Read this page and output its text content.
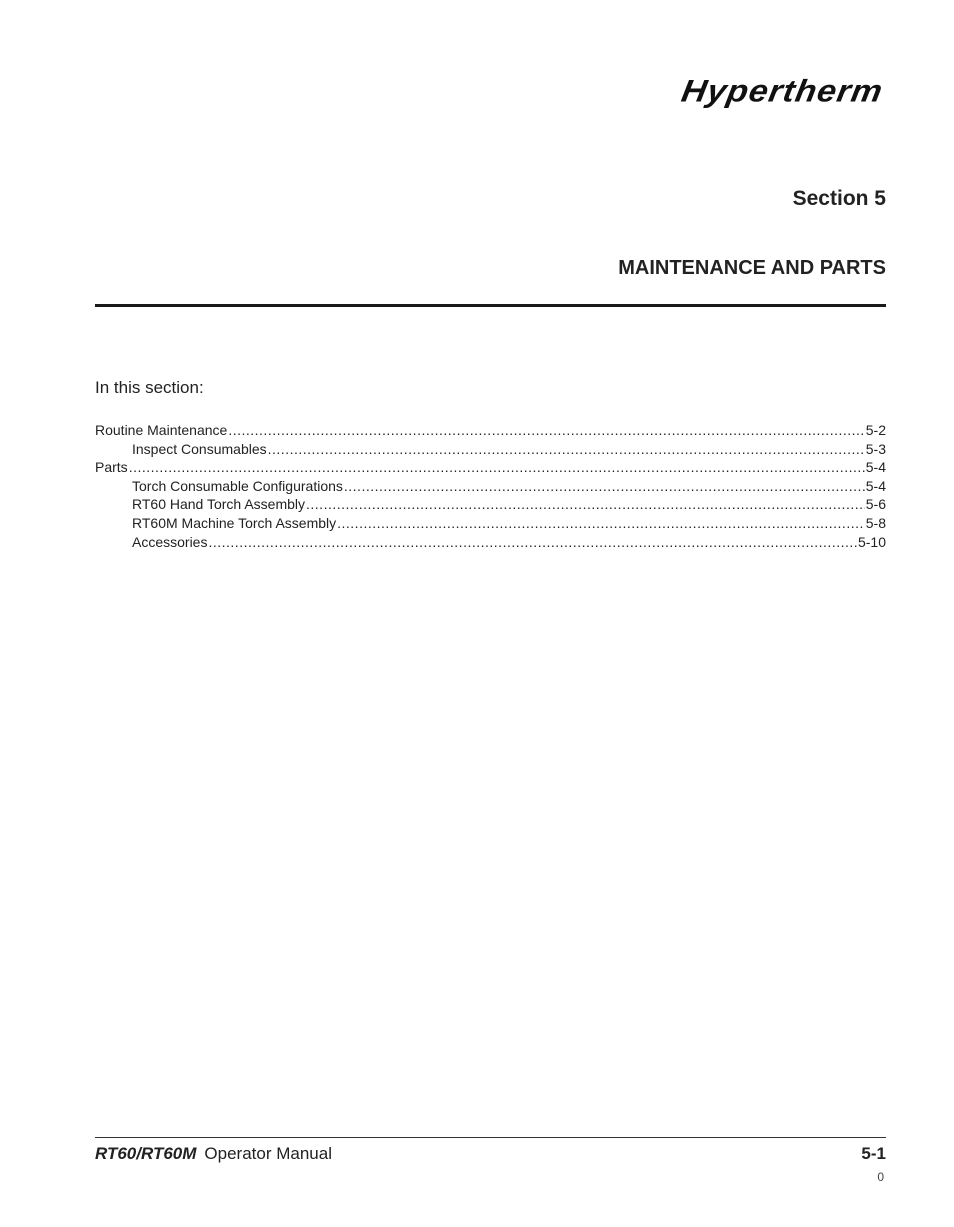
Hypertherm
Section 5
MAINTENANCE AND PARTS
In this section:
Routine Maintenance .....	5-2
Inspect Consumables .....	5-3
Parts .....	5-4
Torch Consumable Configurations .....	5-4
RT60 Hand Torch Assembly .....	5-6
RT60M Machine Torch Assembly .....	5-8
Accessories .....	5-10
RT60/RT60M Operator Manual	5-1
0
